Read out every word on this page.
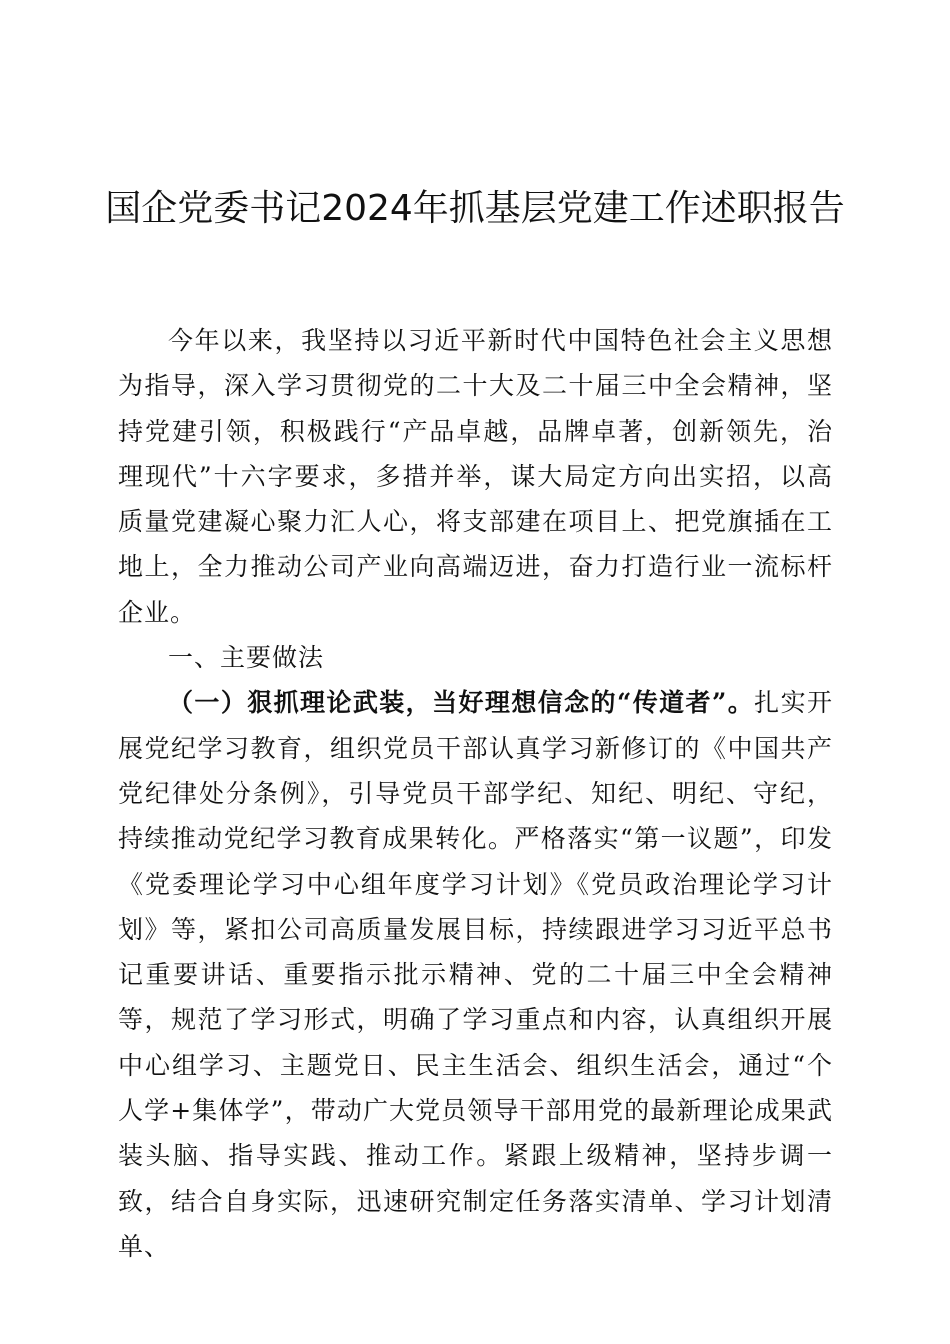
国企党委书记2024年抓基层党建工作述职报告

今年以来，我坚持以习近平新时代中国特色社会主义思想为指导，深入学习贯彻党的二十大及二十届三中全会精神，坚持党建引领，积极践行“产品卓越，品牌卓著，创新领先，治理现代”十六字要求，多措并举，谋大局定方向出实招，以高质量党建凝心聚力汇人心，将支部建在项目上、把党旗插在工地上，全力推动公司产业向高端迈进，奋力打造行业一流标杆企业。

一、主要做法

（一）狠抓理论武装，当好理想信念的“传道者”。扎实开展党纪学习教育，组织党员干部认真学习新修订的《中国共产党纪律处分条例》，引导党员干部学纪、知纪、明纪、守纪，持续推动党纪学习教育成果转化。严格落实“第一议题”，印发《党委理论学习中心组年度学习计划》《党员政治理论学习计划》等，紧扣公司高质量发展目标，持续跟进学习习近平总书记重要讲话、重要指示批示精神、党的二十届三中全会精神等，规范了学习形式，明确了学习重点和内容，认真组织开展中心组学习、主题党日、民主生活会、组织生活会，通过“个人学+集体学”，带动广大党员领导干部用党的最新理论成果武装头脑、指导实践、推动工作。紧跟上级精神，坚持步调一致，结合自身实际，迅速研究制定任务落实清单、学习计划清单、
